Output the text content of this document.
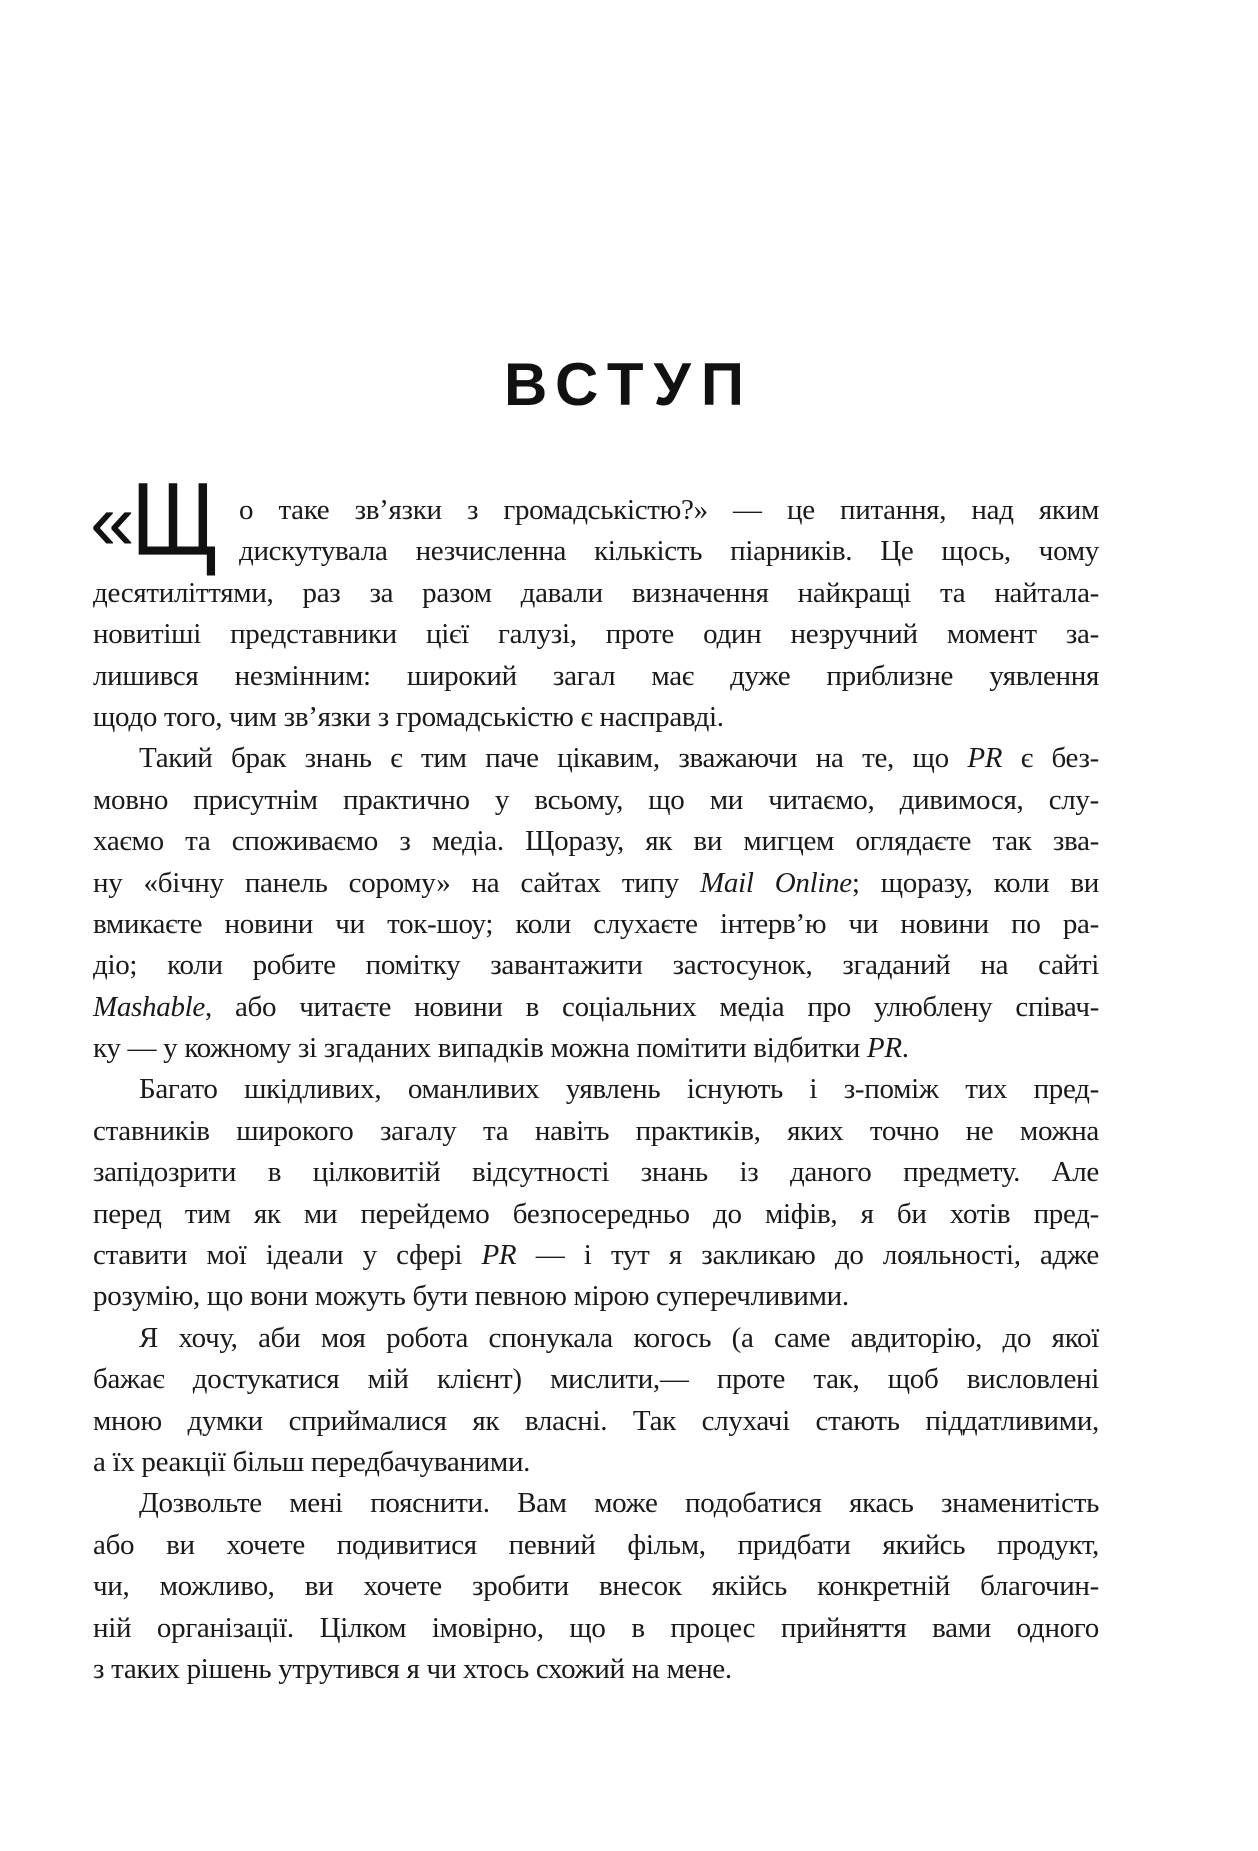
ВСТУП
«Щ о таке зв’язки з громадськістю?» — це питання, над яким
дискутувала незчисленна кількість піарників. Це щось, чому
десятиліттями, раз за разом давали визначення найкращі та найтала-
новитіші представники цієї галузі, проте один незручний момент за-
лишився незмінним: широкий загал має дуже приблизне уявлення
щодо того, чим зв’язки з громадськістю є насправді.
Такий брак знань є тим паче цікавим, зважаючи на те, що PR є без-
мовно присутнім практично у всьому, що ми читаємо, дивимося, слу-
хаємо та споживаємо з медіа. Щоразу, як ви мигцем оглядаєте так зва-
ну «бічну панель сорому» на сайтах типу Mail Online; щоразу, коли ви
вмикаєте новини чи ток-шоу; коли слухаєте інтерв’ю чи новини по ра-
діо; коли робите помітку завантажити застосунок, згаданий на сайті
Mashable, або читаєте новини в соціальних медіа про улюблену співач-
ку — у кожному зі згаданих випадків можна помітити відбитки PR.
Багато шкідливих, оманливих уявлень існують і з-поміж тих пред-
ставників широкого загалу та навіть практиків, яких точно не можна
запідозрити в цілковитій відсутності знань із даного предмету. Але
перед тим як ми перейдемо безпосередньо до міфів, я би хотів пред-
ставити мої ідеали у сфері PR — і тут я закликаю до лояльності, адже
розумію, що вони можуть бути певною мірою суперечливими.
Я хочу, аби моя робота спонукала когось (а саме авдиторію, до якої
бажає достукатися мій клієнт) мислити,— проте так, щоб висловлені
мною думки сприймалися як власні. Так слухачі стають піддатливими,
а їх реакції більш передбачуваними.
Дозвольте мені пояснити. Вам може подобатися якась знаменитість
або ви хочете подивитися певний фільм, придбати якийсь продукт,
чи, можливо, ви хочете зробити внесок якійсь конкретній благочин-
ній організації. Цілком імовірно, що в процес прийняття вами одного
з таких рішень утрутився я чи хтось схожий на мене.
